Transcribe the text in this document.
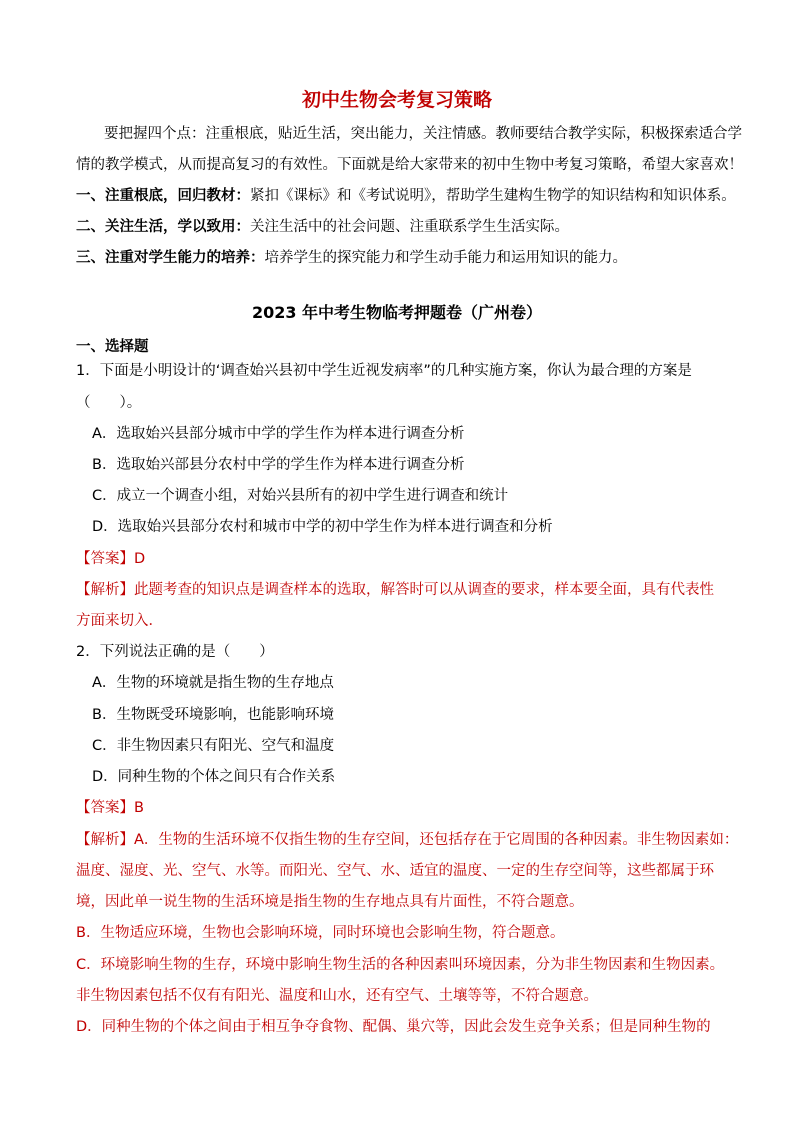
初中生物会考复习策略
要把握四个点：注重根底，贴近生活，突出能力，关注情感。教师要结合教学实际，积极探索适合学
情的教学模式，从而提高复习的有效性。下面就是给大家带来的初中生物中考复习策略，希望大家喜欢！
一、注重根底，回归教材：紧扣《课标》和《考试说明》，帮助学生建构生物学的知识结构和知识体系。
二、关注生活，学以致用：关注生活中的社会问题、注重联系学生生活实际。
三、注重对学生能力的培养：培养学生的探究能力和学生动手能力和运用知识的能力。
2023 年中考生物临考押题卷（广州卷）
一、选择题
1．下面是小明设计的‘调查始兴县初中学生近视发病率”的几种实施方案，你认为最合理的方案是
（　　）。
A．选取始兴县部分城市中学的学生作为样本进行调查分析
B．选取始兴部县分农村中学的学生作为样本进行调查分析
C．成立一个调查小组，对始兴县所有的初中学生进行调查和统计
D．选取始兴县部分农村和城市中学的初中学生作为样本进行调查和分析
【答案】D
【解析】此题考查的知识点是调查样本的选取，解答时可以从调查的要求，样本要全面，具有代表性
方面来切入．
2．下列说法正确的是（　　）
A．生物的环境就是指生物的生存地点
B．生物既受环境影响，也能影响环境
C．非生物因素只有阳光、空气和温度
D．同种生物的个体之间只有合作关系
【答案】B
【解析】A．生物的生活环境不仅指生物的生存空间，还包括存在于它周围的各种因素。非生物因素如：
温度、湿度、光、空气、水等。而阳光、空气、水、适宜的温度、一定的生存空间等，这些都属于环
境，因此单一说生物的生活环境是指生物的生存地点具有片面性，不符合题意。
B．生物适应环境，生物也会影响环境，同时环境也会影响生物，符合题意。
C．环境影响生物的生存，环境中影响生物生活的各种因素叫环境因素，分为非生物因素和生物因素。
非生物因素包括不仅有有阳光、温度和山水，还有空气、土壤等等，不符合题意。
D．同种生物的个体之间由于相互争夺食物、配偶、巢穴等，因此会发生竞争关系；但是同种生物的
